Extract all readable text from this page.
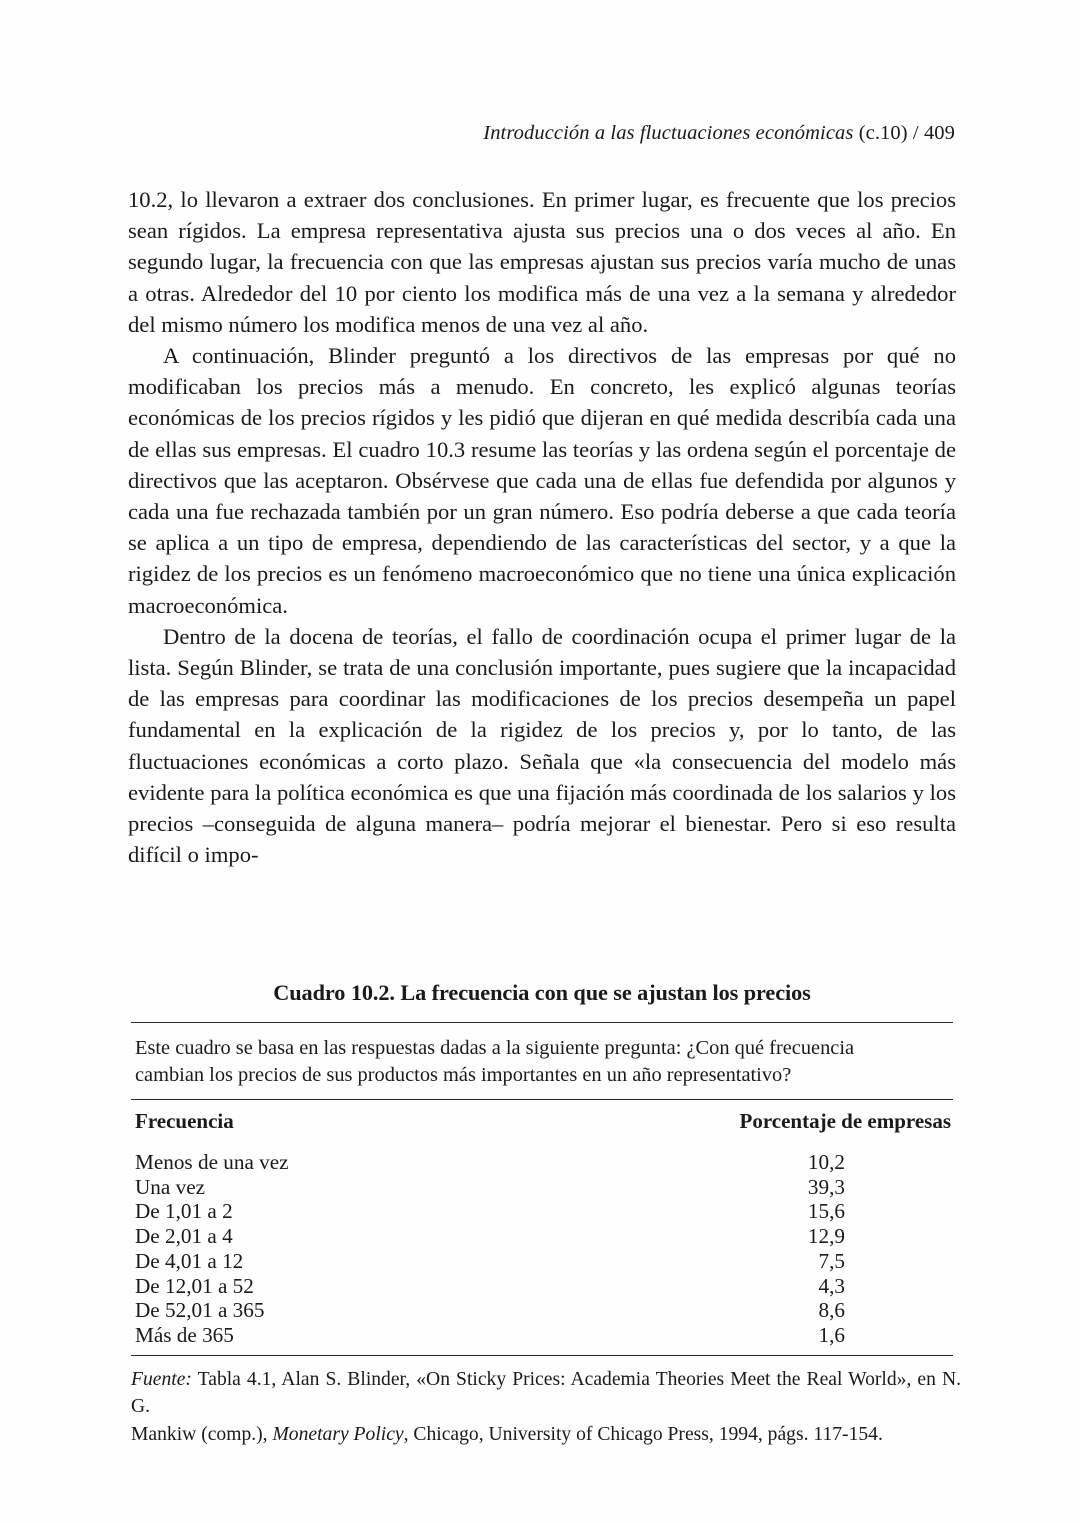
Introducción a las fluctuaciones económicas (c.10) / 409

10.2, lo llevaron a extraer dos conclusiones. En primer lugar, es frecuente que los precios sean rígidos. La empresa representativa ajusta sus precios una o dos veces al año. En segundo lugar, la frecuencia con que las empresas ajustan sus precios varía mucho de unas a otras. Alrededor del 10 por ciento los modifica más de una vez a la semana y alrededor del mismo número los modifica menos de una vez al año.

A continuación, Blinder preguntó a los directivos de las empresas por qué no modificaban los precios más a menudo. En concreto, les explicó algunas teorías económicas de los precios rígidos y les pidió que dijeran en qué medida describía cada una de ellas sus empresas. El cuadro 10.3 resume las teorías y las ordena según el porcentaje de directivos que las aceptaron. Obsérvese que cada una de ellas fue defendida por algunos y cada una fue rechazada también por un gran número. Eso podría deberse a que cada teoría se aplica a un tipo de empresa, dependiendo de las características del sector, y a que la rigidez de los precios es un fenómeno macroeconómico que no tiene una única explicación macroeconómica.

Dentro de la docena de teorías, el fallo de coordinación ocupa el primer lugar de la lista. Según Blinder, se trata de una conclusión importante, pues sugiere que la incapacidad de las empresas para coordinar las modificaciones de los precios desempeña un papel fundamental en la explicación de la rigidez de los precios y, por lo tanto, de las fluctuaciones económicas a corto plazo. Señala que «la consecuencia del modelo más evidente para la política económica es que una fijación más coordinada de los salarios y los precios –conseguida de alguna manera– podría mejorar el bienestar. Pero si eso resulta difícil o impo-

Cuadro 10.2. La frecuencia con que se ajustan los precios
Este cuadro se basa en las respuestas dadas a la siguiente pregunta: ¿Con qué frecuencia
cambian los precios de sus productos más importantes en un año representativo?
Frecuencia	Porcentaje de empresas
Menos de una vez	10,2
Una vez	39,3
De 1,01 a 2	15,6
De 2,01 a 4	12,9
De 4,01 a 12	7,5
De 12,01 a 52	4,3
De 52,01 a 365	8,6
Más de 365	1,6
Fuente: Tabla 4.1, Alan S. Blinder, «On Sticky Prices: Academia Theories Meet the Real World», en N. G.
Mankiw (comp.), Monetary Policy, Chicago, University of Chicago Press, 1994, págs. 117-154.
